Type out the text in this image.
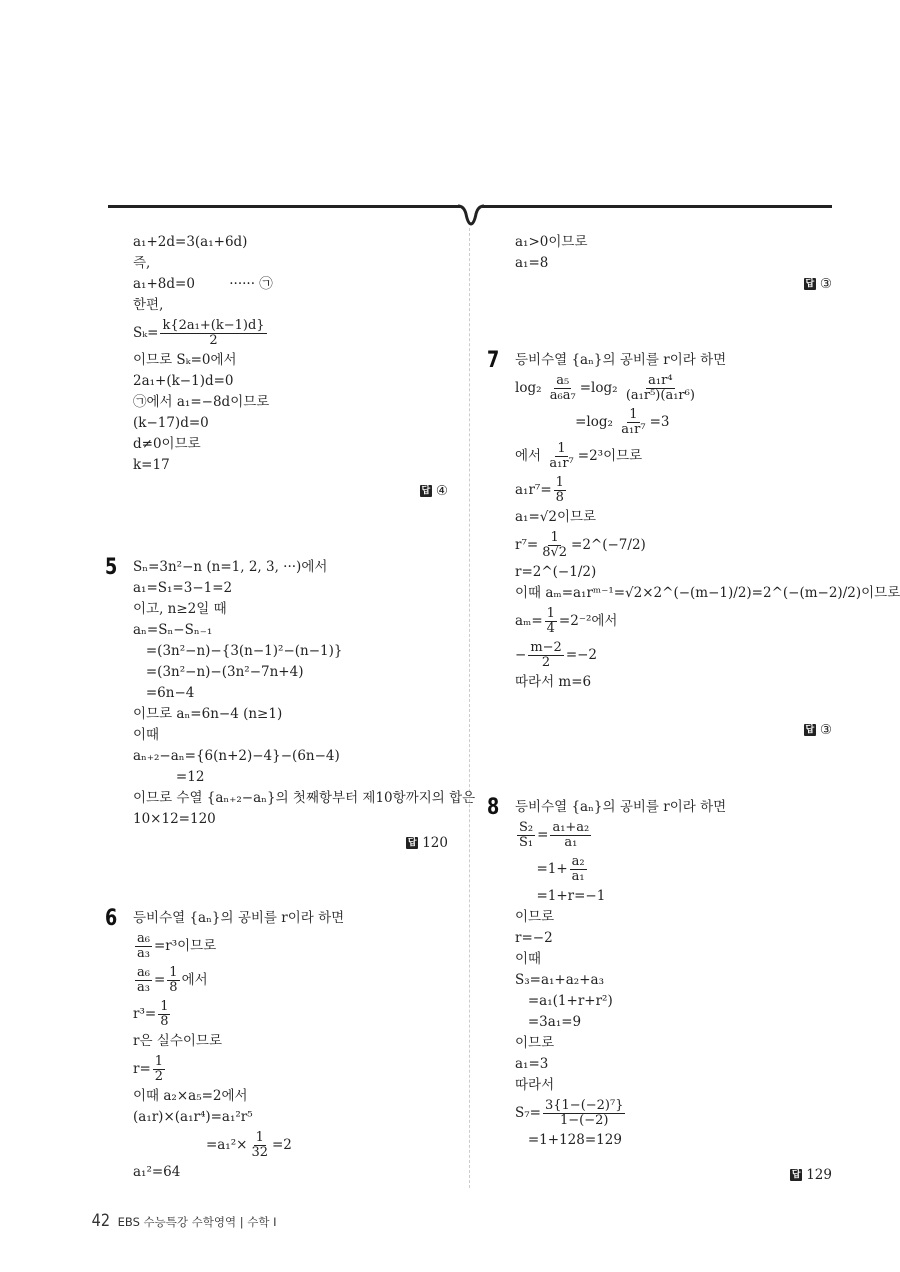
a₁+2d=3(a₁+6d)
즉,
a₁+8d=0        ······ ㉠
한편,
$S_k= \frac{\text{k\{2a₁+(k−1)d\}}}{2}$
이므로 Sₖ=0에서
2a₁+(k−1)d=0
㉠에서 a₁=−8d이므로
(k−17)d=0
d≠0이므로
k=17
5 Sₙ=3n²−n (n=1, 2, 3, ···)에서
a₁=S₁=3−1=2
이고, n≥2일 때
aₙ=Sₙ−Sₙ₋₁
=(3n²−n)−{3(n−1)²−(n−1)}
=(3n²−n)−(3n²−7n+4)
=6n−4
이므로 aₙ=6n−4 (n≥1)
이때
aₙ₊₂−aₙ={6(n+2)−4}−(6n−4)
=12
이므로 수열 {aₙ₊₂−aₙ}의 첫째항부터 제10항까지의 합은
10×12=120
6 등비수열 {aₙ}의 공비를 r이라 하면
$\frac{\text{a₆}}{\text{a₃}} =r^3$이므로
$\frac{\text{a₆}}{\text{a₃}} = \frac{1}{8}$ 에서
$r^3= \frac{1}{8}$
r은 실수이므로
$r= \frac{1}{2}$
이때 a₂×a₅=2에서
(a₁r)×(a₁r⁴)=a₁²r⁵
$=a_1^2\times \frac{1}{32} =2$
a₁²=64
a₁>0이므로
a₁=8
7 등비수열 {aₙ}의 공비를 r이라 하면
$\log_2 \frac{\text{a₅}}{\text{a₆a₇}} =\log_2 \frac{\text{a₁r⁴}}{\text{(a₁r⁵)(a₁r⁶)}}$
$=\log_2 \frac{1}{\text{a₁r⁷}} =3$
에서 $\frac{1}{\text{a₁r⁷}} =2^3$이므로
$a_1r^7= \frac{1}{8}$
a₁=√2이므로
$r^7= \frac{1}{8√2}$ =2^(−7/2)
r=2^(−1/2)
이때 aₘ=a₁rᵐ⁻¹=√2×2^(−(m−1)/2)=2^(−(m−2)/2)이므로
$a_m= \frac{1}{4} =2^{-2}$에서
− $\frac{m-2}{2} =-2$
따라서 m=6
8 등비수열 {aₙ}의 공비를 r이라 하면
$\frac{\text{S₂}}{\text{S₁}} = \frac{\text{a₁+a₂}}{\text{a₁}}$
$=1+ \frac{\text{a₂}}{\text{a₁}}$
=1+r=−1
이므로
r=−2
이때
S₃=a₁+a₂+a₃
=a₁(1+r+r²)
=3a₁=9
이므로
a₁=3
따라서
$S_7= \frac{\text{3\{1−(−2)⁷\}}}{1-(-2)}$
=1+128=129
답 ④
답 120
답 ③
답 ③
답 129
42 EBS 수능특강 수학영역 | 수학 I
